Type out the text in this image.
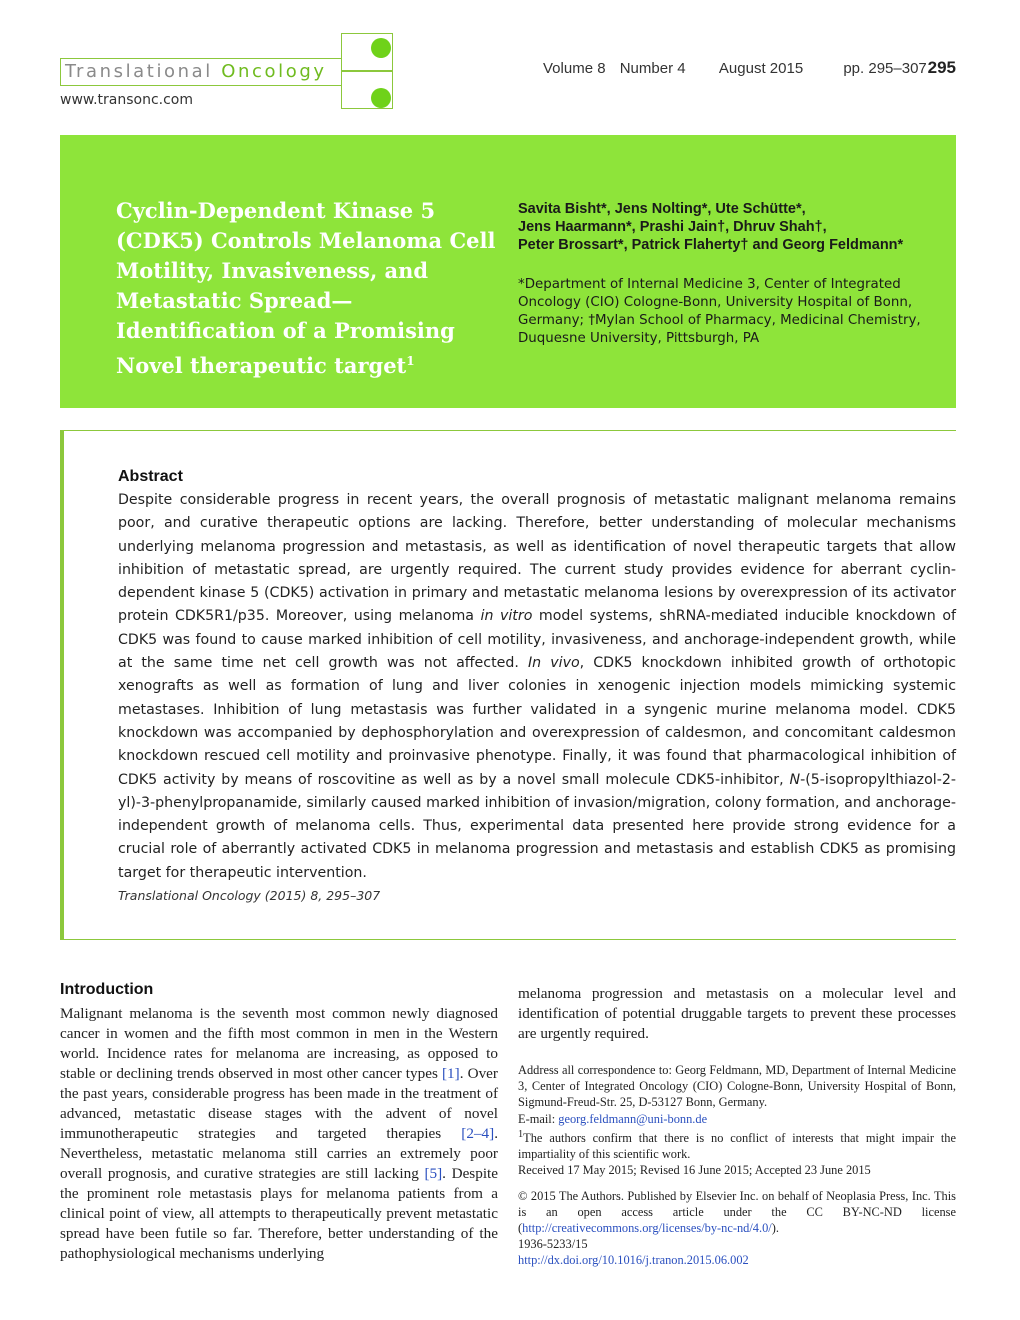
Translational Oncology
www.transonc.com
Volume 8 Number 4 August 2015	pp. 295–307 295
Cyclin-Dependent Kinase 5 (CDK5) Controls Melanoma Cell Motility, Invasiveness, and Metastatic Spread—Identification of a Promising Novel therapeutic target$^1$
Savita Bisht*, Jens Nolting*, Ute Schütte*,
Jens Haarmann*, Prashi Jain†, Dhruv Shah†,
Peter Brossart*, Patrick Flaherty† and Georg Feldmann*
*Department of Internal Medicine 3, Center of Integrated Oncology (CIO) Cologne-Bonn, University Hospital of Bonn, Germany; †Mylan School of Pharmacy, Medicinal Chemistry, Duquesne University, Pittsburgh, PA
Abstract

Despite considerable progress in recent years, the overall prognosis of metastatic malignant melanoma remains poor, and curative therapeutic options are lacking. Therefore, better understanding of molecular mechanisms underlying melanoma progression and metastasis, as well as identification of novel therapeutic targets that allow inhibition of metastatic spread, are urgently required. The current study provides evidence for aberrant cyclin-dependent kinase 5 (CDK5) activation in primary and metastatic melanoma lesions by overexpression of its activator protein CDK5R1/p35. Moreover, using melanoma in vitro model systems, shRNA-mediated inducible knockdown of CDK5 was found to cause marked inhibition of cell motility, invasiveness, and anchorage-independent growth, while at the same time net cell growth was not affected. In vivo, CDK5 knockdown inhibited growth of orthotopic xenografts as well as formation of lung and liver colonies in xenogenic injection models mimicking systemic metastases. Inhibition of lung metastasis was further validated in a syngenic murine melanoma model. CDK5 knockdown was accompanied by dephosphorylation and overexpression of caldesmon, and concomitant caldesmon knockdown rescued cell motility and proinvasive phenotype. Finally, it was found that pharmacological inhibition of CDK5 activity by means of roscovitine as well as by a novel small molecule CDK5-inhibitor, N-(5-isopropylthiazol-2-yl)-3-phenylpropanamide, similarly caused marked inhibition of invasion/migration, colony formation, and anchorage-independent growth of melanoma cells. Thus, experimental data presented here provide strong evidence for a crucial role of aberrantly activated CDK5 in melanoma progression and metastasis and establish CDK5 as promising target for therapeutic intervention.

Translational Oncology (2015) 8, 295–307
Introduction

Malignant melanoma is the seventh most common newly diagnosed cancer in women and the fifth most common in men in the Western world. Incidence rates for melanoma are increasing, as opposed to stable or declining trends observed in most other cancer types [1]. Over the past years, considerable progress has been made in the treatment of advanced, metastatic disease stages with the advent of novel immunotherapeutic strategies and targeted therapies [2–4]. Nevertheless, metastatic melanoma still carries an extremely poor overall prognosis, and curative strategies are still lacking [5]. Despite the prominent role metastasis plays for melanoma patients from a clinical point of view, all attempts to therapeutically prevent metastatic spread have been futile so far. Therefore, better understanding of the pathophysiological mechanisms underlying

melanoma progression and metastasis on a molecular level and identification of potential druggable targets to prevent these processes are urgently required.

Address all correspondence to: Georg Feldmann, MD, Department of Internal Medicine 3, Center of Integrated Oncology (CIO) Cologne-Bonn, University Hospital of Bonn, Sigmund-Freud-Str. 25, D-53127 Bonn, Germany.

E-mail: georg.feldmann@uni-bonn.de

$^1$The authors confirm that there is no conflict of interests that might impair the impartiality of this scientific work.

Received 17 May 2015; Revised 16 June 2015; Accepted 23 June 2015

© 2015 The Authors. Published by Elsevier Inc. on behalf of Neoplasia Press, Inc. This is an open access article under the CC BY-NC-ND license (http://creativecommons.org/licenses/by-nc-nd/4.0/).

1936-5233/15

http://dx.doi.org/10.1016/j.tranon.2015.06.002
